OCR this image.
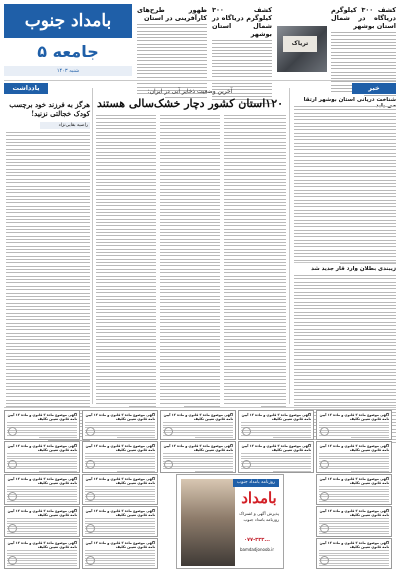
بامداد جنوب
جامعه ۵
شنبه ۱۴۰۳
ظهور طرح‌های کارآفرینی در استان
کشف ۳۰۰ کیلوگرم دریاگاه در شمال استان بوشهر
تریاک
کشف ۳۰۰ کیلوگرم دریاگاه در شمال استان بوشهر
خبر
یادداشت	آخرین وضعیت ذخایر آبی در ایران:
۱۲۰استان کشور دچار خشک‌سالی هستند
هرگز به فرزند خود برچسب کودک خجالتی نزنید!
راضیه بقایی‌نژاد
شناخت دریانی استان بوشهر ارتقا
زیبندی بطلان وارد قار جدید شد
آگهی موضوع ماده ۳ قانون و ماده ۱۳ آیین نامه قانون تعیین تکلیف
آگهی موضوع ماده ۳ قانون و ماده ۱۳ آیین نامه قانون تعیین تکلیف
آگهی موضوع ماده ۳ قانون و ماده ۱۳ آیین نامه قانون تعیین تکلیف
آگهی موضوع ماده ۳ قانون و ماده ۱۳ آیین نامه قانون تعیین تکلیف
آگهی موضوع ماده ۳ قانون و ماده ۱۳ آیین نامه قانون تعیین تکلیف
آگهی موضوع ماده ۳ قانون و ماده ۱۳ آیین نامه قانون تعیین تکلیف
آگهی موضوع ماده ۳ قانون و ماده ۱۳ آیین نامه قانون تعیین تکلیف
آگهی موضوع ماده ۳ قانون و ماده ۱۳ آیین نامه قانون تعیین تکلیف
آگهی موضوع ماده ۳ قانون و ماده ۱۳ آیین نامه قانون تعیین تکلیف
آگهی موضوع ماده ۳ قانون و ماده ۱۳ آیین نامه قانون تعیین تکلیف
آگهی موضوع ماده ۳ قانون و ماده ۱۳ آیین نامه قانون تعیین تکلیف
آگهی موضوع ماده ۳ قانون و ماده ۱۳ آیین نامه قانون تعیین تکلیف
آگهی موضوع ماده ۳ قانون و ماده ۱۳ آیین نامه قانون تعیین تکلیف
آگهی موضوع ماده ۳ قانون و ماده ۱۳ آیین نامه قانون تعیین تکلیف
آگهی موضوع ماده ۳ قانون و ماده ۱۳ آیین نامه قانون تعیین تکلیف
آگهی موضوع ماده ۳ قانون و ماده ۱۳ آیین نامه قانون تعیین تکلیف
آگهی موضوع ماده ۳ قانون و ماده ۱۳ آیین نامه قانون تعیین تکلیف
آگهی موضوع ماده ۳ قانون و ماده ۱۳ آیین نامه قانون تعیین تکلیف
آگهی موضوع ماده ۳ قانون و ماده ۱۳ آیین نامه قانون تعیین تکلیف
روزنامه بامداد جنوب
بامداد
پذیرش آگهی و اشتراک روزنامه بامداد جنوب
۰۷۷-۳۳۳...
bamdadjonoob.ir
